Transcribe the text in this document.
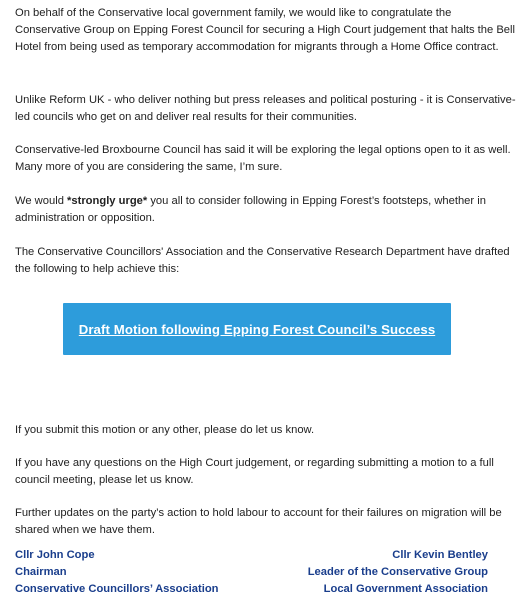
On behalf of the Conservative local government family, we would like to congratulate the Conservative Group on Epping Forest Council for securing a High Court judgement that halts the Bell Hotel from being used as temporary accommodation for migrants through a Home Office contract.

Unlike Reform UK - who deliver nothing but press releases and political posturing - it is Conservative-led councils who get on and deliver real results for their communities.

Conservative-led Broxbourne Council has said it will be exploring the legal options open to it as well. Many more of you are considering the same, I’m sure.

We would *strongly urge* you all to consider following in Epping Forest’s footsteps, whether in administration or opposition.

The Conservative Councillors' Association and the Conservative Research Department have drafted the following to help achieve this:

Draft Motion following Epping Forest Council’s Success

If you submit this motion or any other, please do let us know.

If you have any questions on the High Court judgement, or regarding submitting a motion to a full council meeting, please let us know.

Further updates on the party’s action to hold labour to account for their failures on migration will be shared when we have them.

Cllr John Cope
Chairman
Conservative Councillors’ Association
Cllr Kevin Bentley
Leader of the Conservative Group
Local Government Association
